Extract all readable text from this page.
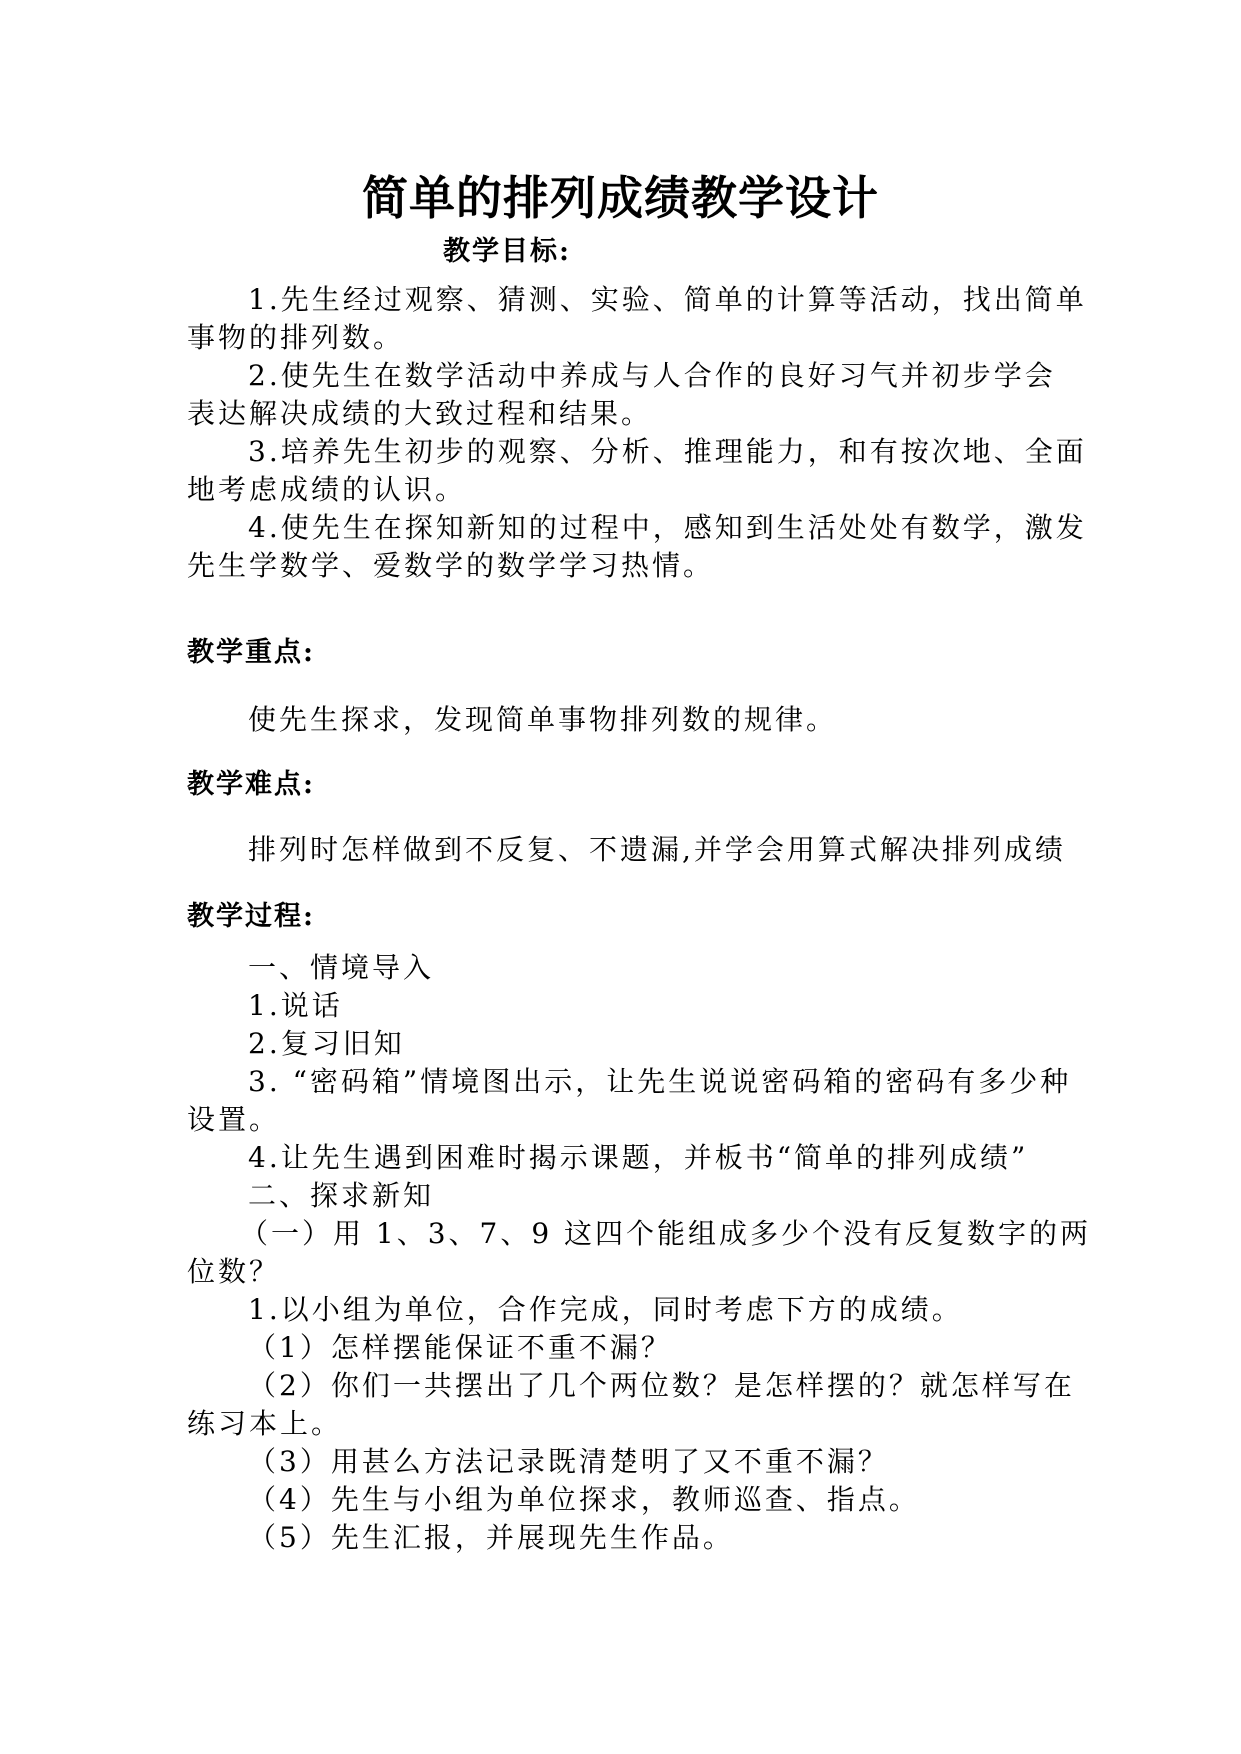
简单的排列成绩教学设计
教学目标:
1.先生经过观察、猜测、实验、简单的计算等活动，找出简单
事物的排列数。
2.使先生在数学活动中养成与人合作的良好习气并初步学会
表达解决成绩的大致过程和结果。
3.培养先生初步的观察、分析、推理能力，和有按次地、全面
地考虑成绩的认识。
4.使先生在探知新知的过程中，感知到生活处处有数学，激发
先生学数学、爱数学的数学学习热情。
教学重点:
使先生探求，发现简单事物排列数的规律。
教学难点:
排列时怎样做到不反复、不遗漏,并学会用算式解决排列成绩
教学过程:
一、情境导入
1.说话
2.复习旧知
3. “密码箱”情境图出示，让先生说说密码箱的密码有多少种
设置。
4.让先生遇到困难时揭示课题，并板书“简单的排列成绩”
二、探求新知
（一）用 1、3、7、9 这四个能组成多少个没有反复数字的两
位数？
1.以小组为单位，合作完成，同时考虑下方的成绩。
（1）怎样摆能保证不重不漏？
（2）你们一共摆出了几个两位数？是怎样摆的？就怎样写在
练习本上。
（3）用甚么方法记录既清楚明了又不重不漏？
（4）先生与小组为单位探求，教师巡查、指点。
（5）先生汇报，并展现先生作品。
